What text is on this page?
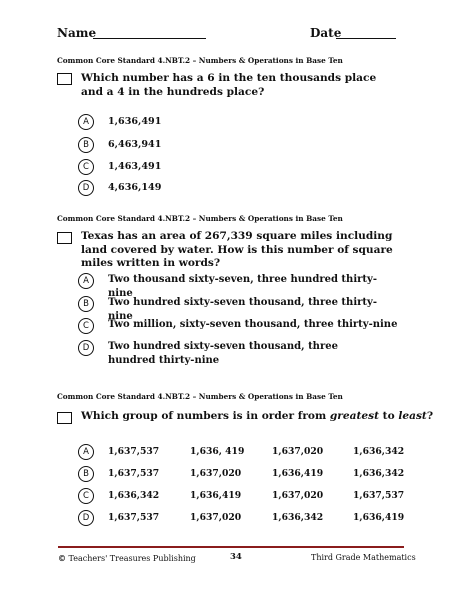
Name	Date
Common Core Standard 4.NBT.2 – Numbers & Operations in Base Ten
Which number has a 6 in the ten thousands place and a 4 in the hundreds place?
A	1,636,491
B	6,463,941
C	1,463,491
D	4,636,149
Common Core Standard 4.NBT.2 – Numbers & Operations in Base Ten
Texas has an area of 267,339 square miles including land covered by water. How is this number of square miles written in words?
A	Two thousand sixty-seven, three hundred thirty-nine
B	Two hundred sixty-seven thousand, three thirty-nine
C	Two million, sixty-seven thousand, three thirty-nine
D	Two hundred sixty-seven thousand, three hundred thirty-nine
Common Core Standard 4.NBT.2 – Numbers & Operations in Base Ten
Which group of numbers is in order from greatest to least?
A	1,637,537	1,636, 419	1,637,020	1,636,342
B	1,637,537	1,637,020	1,636,419	1,636,342
C	1,636,342	1,636,419	1,637,020	1,637,537
D	1,637,537	1,637,020	1,636,342	1,636,419
© Teachers' Treasures Publishing	34	Third Grade Mathematics
